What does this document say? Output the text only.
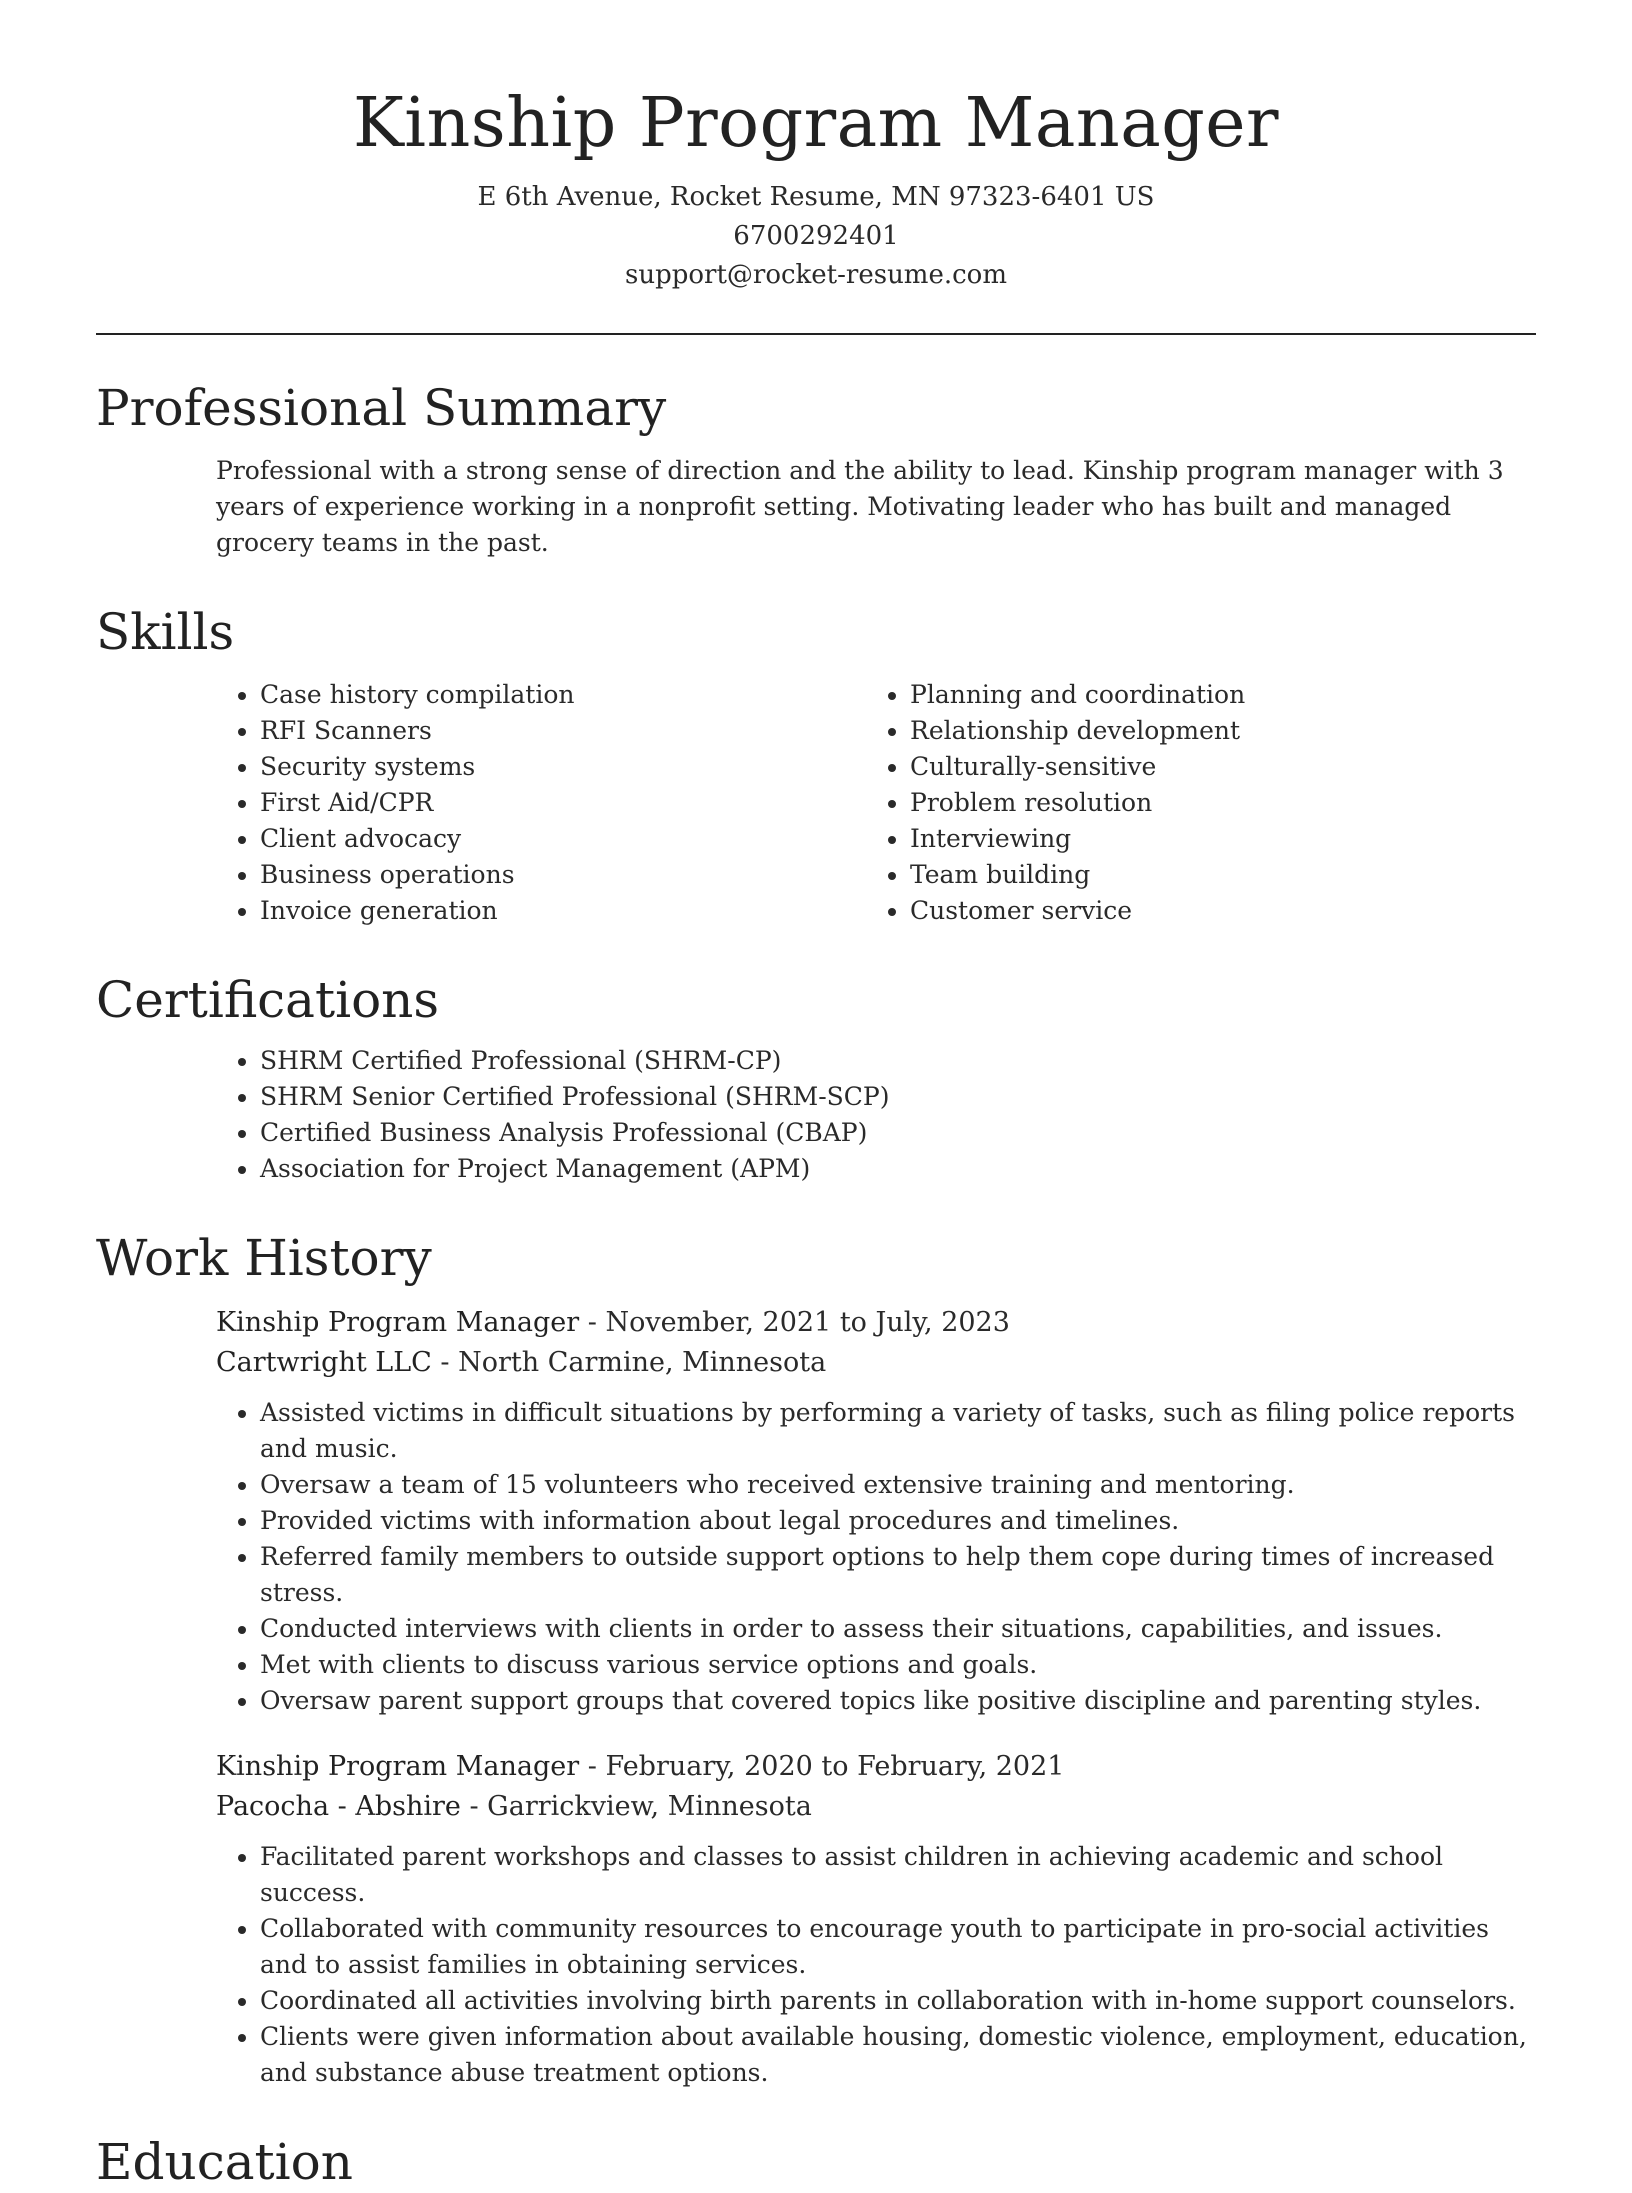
Kinship Program Manager
E 6th Avenue, Rocket Resume, MN 97323-6401 US
6700292401
support@rocket-resume.com
Professional Summary
Professional with a strong sense of direction and the ability to lead. Kinship program manager with 3 years of experience working in a nonprofit setting. Motivating leader who has built and managed grocery teams in the past.
Skills
• Case history compilation
• RFI Scanners
• Security systems
• First Aid/CPR
• Client advocacy
• Business operations
• Invoice generation
• Planning and coordination
• Relationship development
• Culturally-sensitive
• Problem resolution
• Interviewing
• Team building
• Customer service
Certifications
• SHRM Certified Professional (SHRM-CP)
• SHRM Senior Certified Professional (SHRM-SCP)
• Certified Business Analysis Professional (CBAP)
• Association for Project Management (APM)
Work History
Kinship Program Manager - November, 2021 to July, 2023
Cartwright LLC - North Carmine, Minnesota
• Assisted victims in difficult situations by performing a variety of tasks, such as filing police reports and music.
• Oversaw a team of 15 volunteers who received extensive training and mentoring.
• Provided victims with information about legal procedures and timelines.
• Referred family members to outside support options to help them cope during times of increased stress.
• Conducted interviews with clients in order to assess their situations, capabilities, and issues.
• Met with clients to discuss various service options and goals.
• Oversaw parent support groups that covered topics like positive discipline and parenting styles.
Kinship Program Manager - February, 2020 to February, 2021
Pacocha - Abshire - Garrickview, Minnesota
• Facilitated parent workshops and classes to assist children in achieving academic and school success.
• Collaborated with community resources to encourage youth to participate in pro-social activities and to assist families in obtaining services.
• Coordinated all activities involving birth parents in collaboration with in-home support counselors.
• Clients were given information about available housing, domestic violence, employment, education, and substance abuse treatment options.
Education
